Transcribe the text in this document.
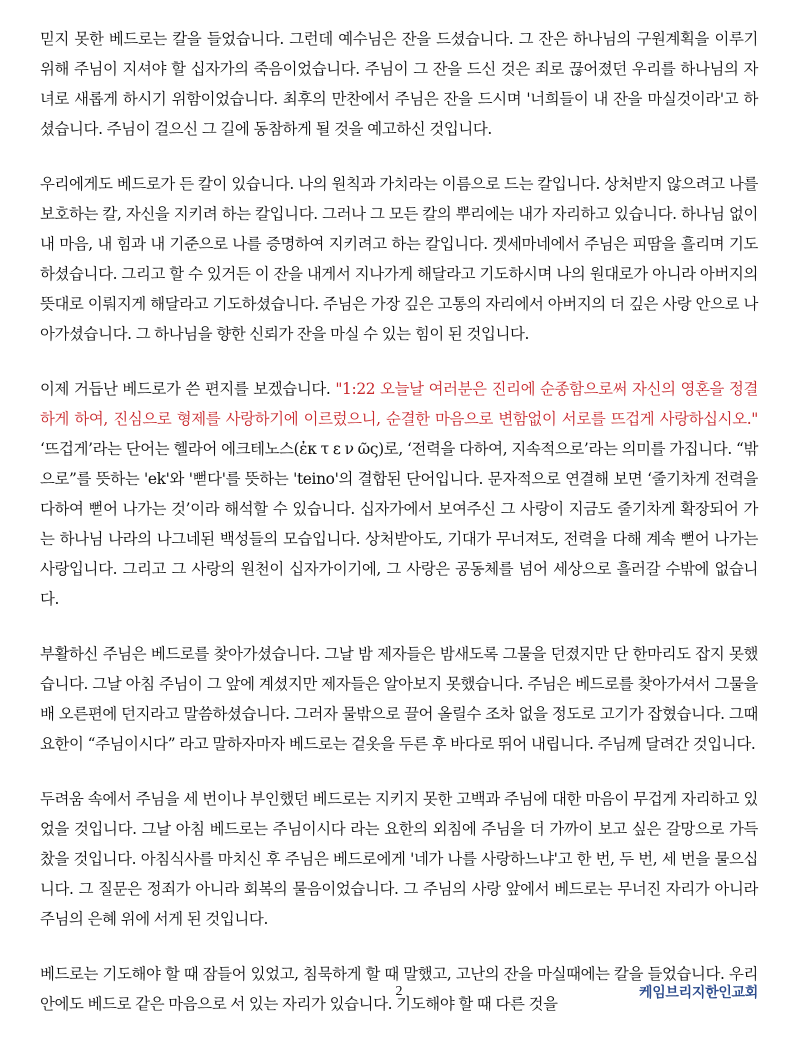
믿지 못한 베드로는 칼을 들었습니다. 그런데 예수님은 잔을 드셨습니다. 그 잔은 하나님의 구원계획을 이루기 위해 주님이 지셔야 할 십자가의 죽음이었습니다. 주님이 그 잔을 드신 것은 죄로 끊어졌던 우리를 하나님의 자녀로 새롭게 하시기 위함이었습니다. 최후의 만찬에서 주님은 잔을 드시며 '너희들이 내 잔을 마실것이라'고 하셨습니다. 주님이 걸으신 그 길에 동참하게 될 것을 예고하신 것입니다.

우리에게도 베드로가 든 칼이 있습니다. 나의 원칙과 가치라는 이름으로 드는 칼입니다. 상처받지 않으려고 나를 보호하는 칼, 자신을 지키려 하는 칼입니다. 그러나 그 모든 칼의 뿌리에는 내가 자리하고 있습니다. 하나님 없이 내 마음, 내 힘과 내 기준으로 나를 증명하여 지키려고 하는 칼입니다. 겟세마네에서 주님은 피땀을 흘리며 기도하셨습니다. 그리고 할 수 있거든 이 잔을 내게서 지나가게 해달라고 기도하시며 나의 원대로가 아니라 아버지의 뜻대로 이뤄지게 해달라고 기도하셨습니다. 주님은 가장 깊은 고통의 자리에서 아버지의 더 깊은 사랑 안으로 나아가셨습니다. 그 하나님을 향한 신뢰가 잔을 마실 수 있는 힘이 된 것입니다.

이제 거듭난 베드로가 쓴 편지를 보겠습니다. "1:22 오늘날 여러분은 진리에 순종함으로써 자신의 영혼을 정결하게 하여, 진심으로 형제를 사랑하기에 이르렀으니, 순결한 마음으로 변함없이 서로를 뜨겁게 사랑하십시오." ‘뜨겁게’라는 단어는 헬라어 에크테노스(ἐκ τ ε ν ῶς)로, ‘전력을 다하여, 지속적으로’라는 의미를 가집니다. “밖으로”를 뜻하는 'ek'와 '뻗다'를 뜻하는 'teino'의 결합된 단어입니다. 문자적으로 연결해 보면 ‘줄기차게 전력을 다하여 뻗어 나가는 것’이라 해석할 수 있습니다. 십자가에서 보여주신 그 사랑이 지금도 줄기차게 확장되어 가는 하나님 나라의 나그네된 백성들의 모습입니다. 상처받아도, 기대가 무너져도, 전력을 다해 계속 뻗어 나가는 사랑입니다. 그리고 그 사랑의 원천이 십자가이기에, 그 사랑은 공동체를 넘어 세상으로 흘러갈 수밖에 없습니다.

부활하신 주님은 베드로를 찾아가셨습니다. 그날 밤 제자들은 밤새도록 그물을 던졌지만 단 한마리도 잡지 못했습니다. 그날 아침 주님이 그 앞에 계셨지만 제자들은 알아보지 못했습니다. 주님은 베드로를 찾아가셔서 그물을 배 오른편에 던지라고 말씀하셨습니다. 그러자 물밖으로 끌어 올릴수 조차 없을 정도로 고기가 잡혔습니다. 그때 요한이 “주님이시다” 라고 말하자마자 베드로는 겉옷을 두른 후 바다로 뛰어 내립니다. 주님께 달려간 것입니다.

두려움 속에서 주님을 세 번이나 부인했던 베드로는 지키지 못한 고백과 주님에 대한 마음이 무겁게 자리하고 있었을 것입니다. 그날 아침 베드로는 주님이시다 라는 요한의 외침에 주님을 더 가까이 보고 싶은 갈망으로 가득찼을 것입니다. 아침식사를 마치신 후 주님은 베드로에게 '네가 나를 사랑하느냐'고 한 번, 두 번, 세 번을 물으십니다. 그 질문은 정죄가 아니라 회복의 물음이었습니다. 그 주님의 사랑 앞에서 베드로는 무너진 자리가 아니라 주님의 은혜 위에 서게 된 것입니다.

베드로는 기도해야 할 때 잠들어 있었고, 침묵하게 할 때 말했고, 고난의 잔을 마실때에는 칼을 들었습니다. 우리 안에도 베드로 같은 마음으로 서 있는 자리가 있습니다. 기도해야 할 때 다른 것을

2	케임브리지한인교회
